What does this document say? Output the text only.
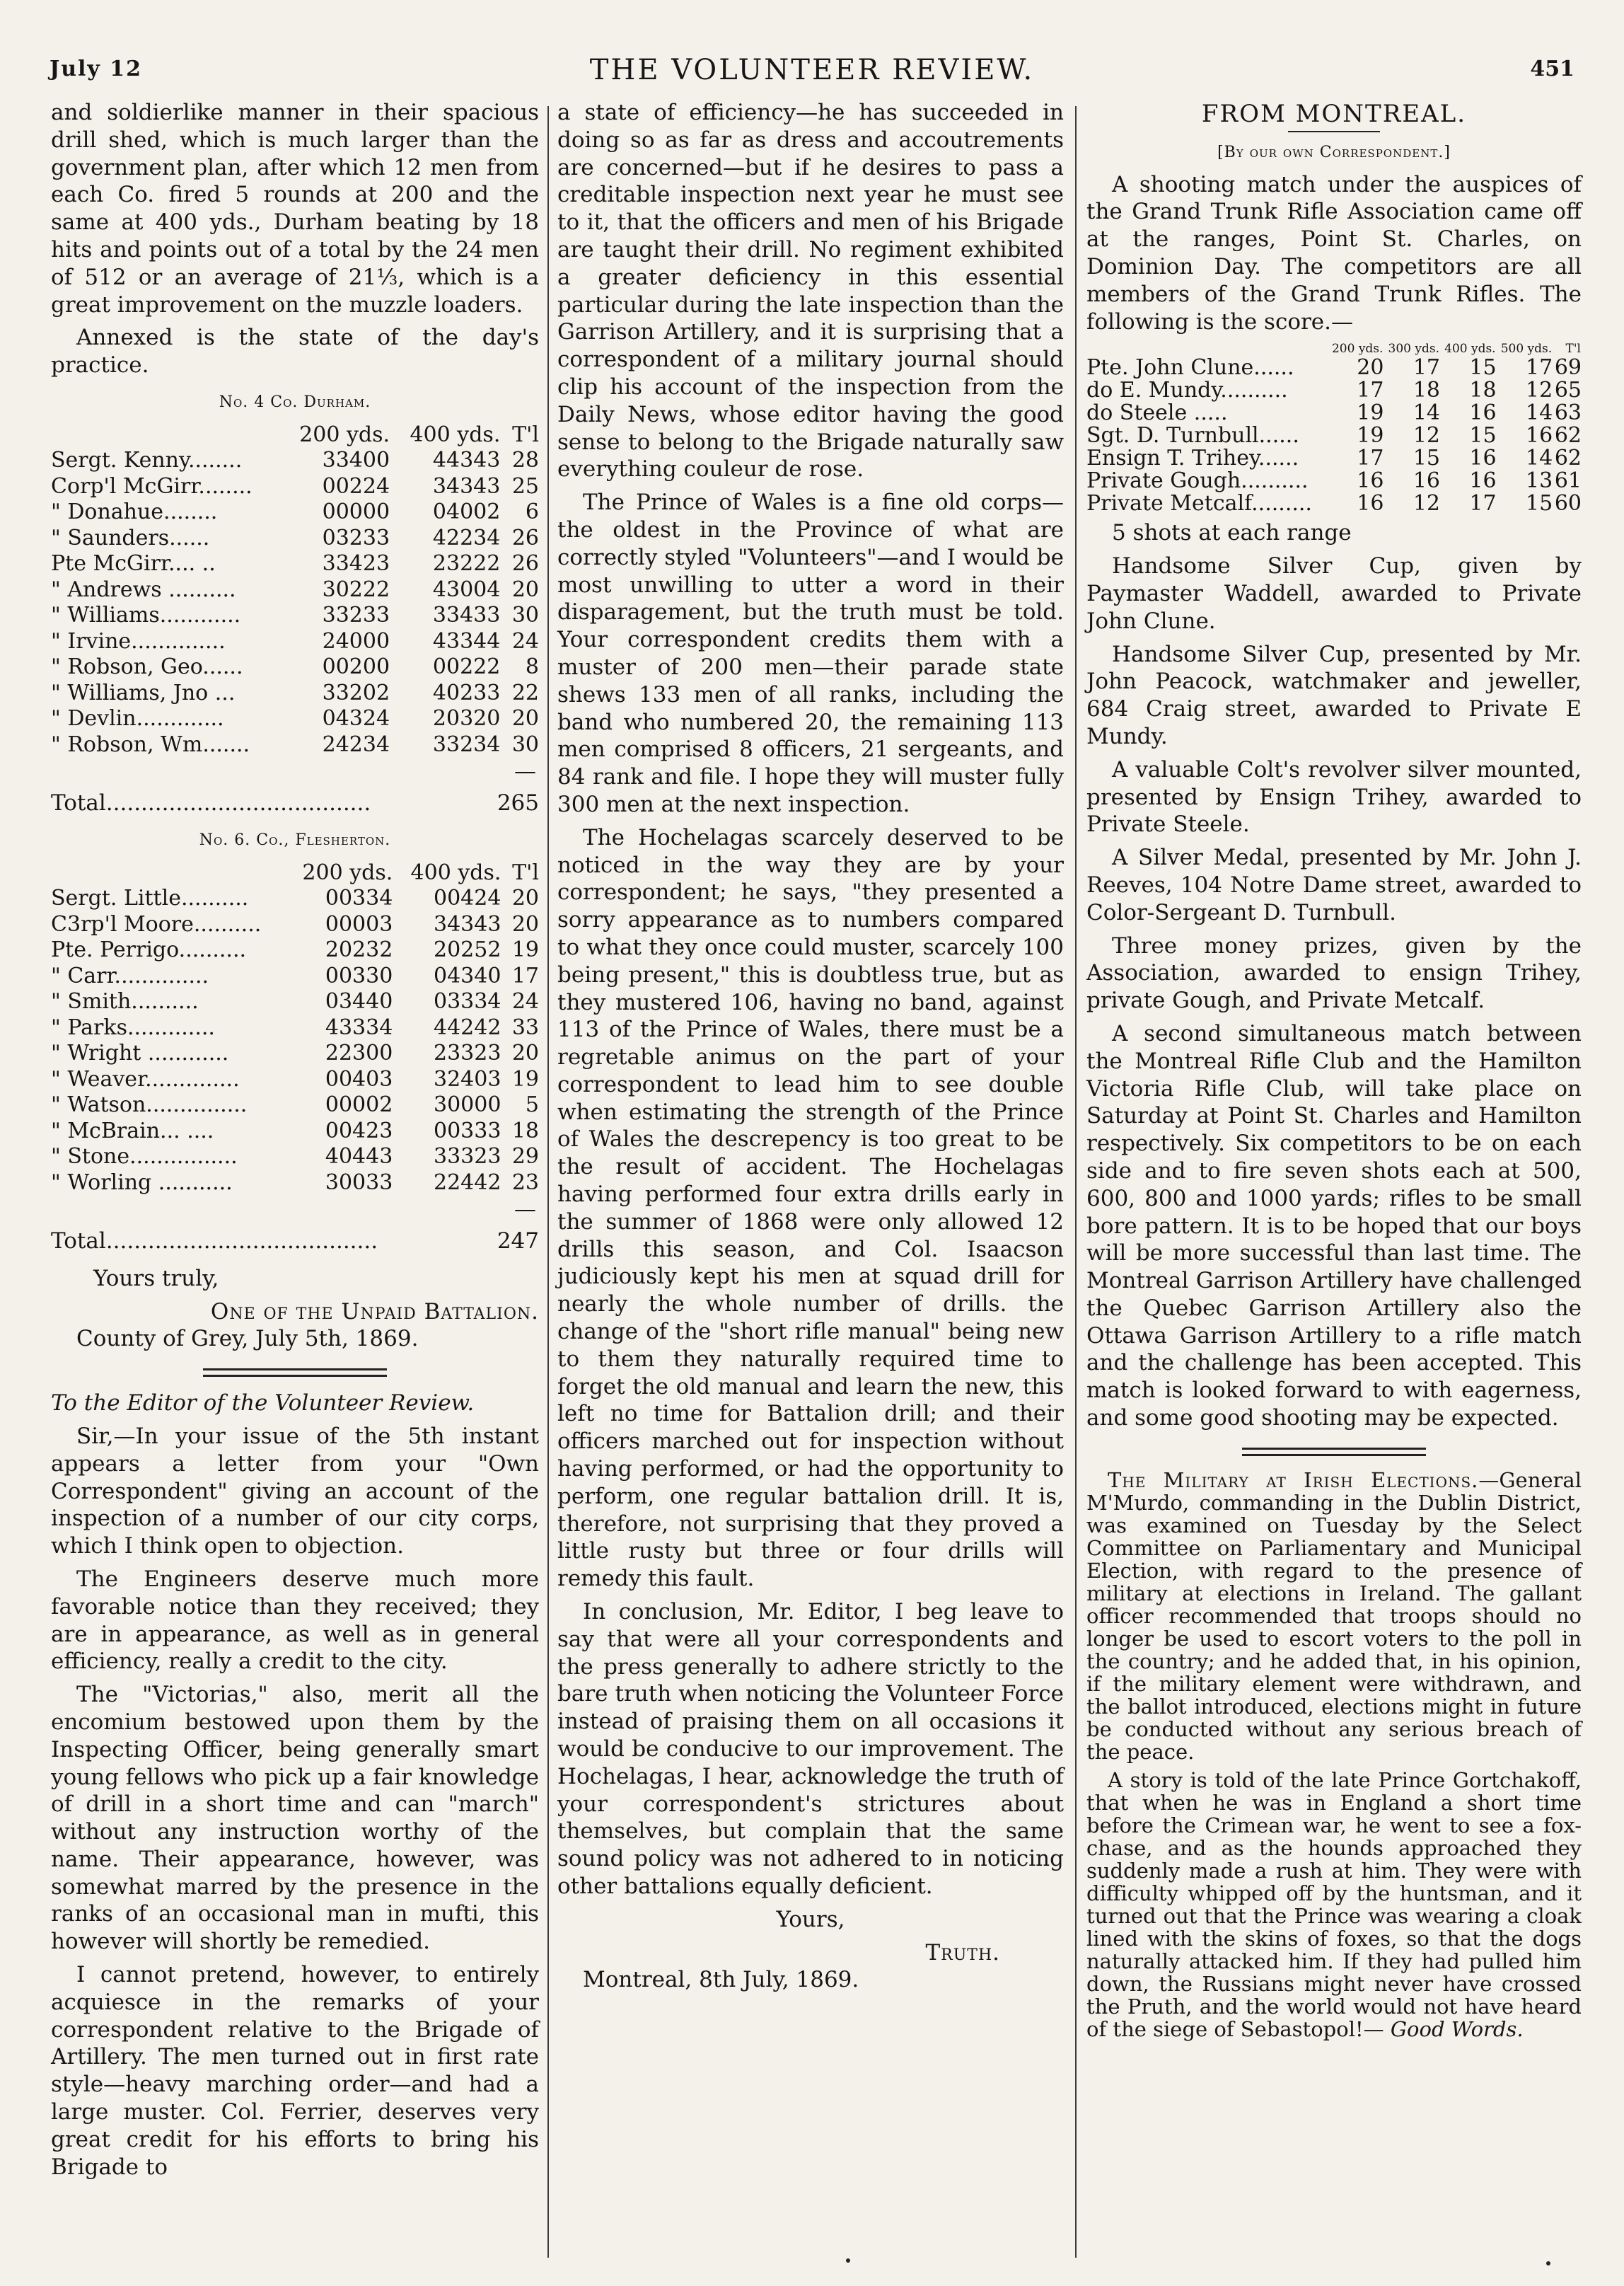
July 12	THE VOLUNTEER REVIEW.	451

and soldierlike manner in their spacious drill shed, which is much larger than the government plan, after which 12 men from each Co. fired 5 rounds at 200 and the same at 400 yds., Durham beating by 18 hits and points out of a total by the 24 men of 512 or an average of 21⅓, which is a great improvement on the muzzle loaders.

Annexed is the state of the day's practice.

No. 4 Co. Durham.
	200 yds.	400 yds.	T'l
Sergt. Kenny........	33400	44343	28
Corp'l McGirr........	00224	34343	25
" Donahue........	00000	04002	6
" Saunders......	03233	42234	26
Pte McGirr.... ..	33423	23222	26
" Andrews ..........	30222	43004	20
" Williams............	33233	33433	30
" Irvine..............	24000	43344	24
" Robson, Geo......	00200	00222	8
" Williams, Jno ...	33202	40233	22
" Devlin.............	04324	20320	20
" Robson, Wm.......	24234	33234	30
—
Total......................................	265
No. 6. Co., Flesherton.
	200 yds.	400 yds.	T'l
Sergt. Little..........	00334	00424	20
C3rp'l Moore..........	00003	34343	20
Pte. Perrigo..........	20232	20252	19
" Carr..............	00330	04340	17
" Smith..........	03440	03334	24
" Parks.............	43334	44242	33
" Wright ............	22300	23323	20
" Weaver..............	00403	32403	19
" Watson...............	00002	30000	5
" McBrain... ....	00423	00333	18
" Stone................	40443	33323	29
" Worling ...........	30033	22442	23
—
Total.......................................	247

Yours truly,

One of the Unpaid Battalion.

County of Grey, July 5th, 1869.

To the Editor of the Volunteer Review.

Sir,—In your issue of the 5th instant appears a letter from your "Own Correspondent" giving an account of the inspection of a number of our city corps, which I think open to objection.

The Engineers deserve much more favorable notice than they received; they are in appearance, as well as in general efficiency, really a credit to the city.

The "Victorias," also, merit all the encomium bestowed upon them by the Inspecting Officer, being generally smart young fellows who pick up a fair knowledge of drill in a short time and can "march" without any instruction worthy of the name. Their appearance, however, was somewhat marred by the presence in the ranks of an occasional man in mufti, this however will shortly be remedied.

I cannot pretend, however, to entirely acquiesce in the remarks of your correspondent relative to the Brigade of Artillery. The men turned out in first rate style—heavy marching order—and had a large muster. Col. Ferrier, deserves very great credit for his efforts to bring his Brigade to

a state of efficiency—he has succeeded in doing so as far as dress and accoutrements are concerned—but if he desires to pass a creditable inspection next year he must see to it, that the officers and men of his Brigade are taught their drill. No regiment exhibited a greater deficiency in this essential particular during the late inspection than the Garrison Artillery, and it is surprising that a correspondent of a military journal should clip his account of the inspection from the Daily News, whose editor having the good sense to belong to the Brigade naturally saw everything couleur de rose.

The Prince of Wales is a fine old corps—the oldest in the Province of what are correctly styled "Volunteers"—and I would be most unwilling to utter a word in their disparagement, but the truth must be told. Your correspondent credits them with a muster of 200 men—their parade state shews 133 men of all ranks, including the band who numbered 20, the remaining 113 men comprised 8 officers, 21 sergeants, and 84 rank and file. I hope they will muster fully 300 men at the next inspection.

The Hochelagas scarcely deserved to be noticed in the way they are by your correspondent; he says, "they presented a sorry appearance as to numbers compared to what they once could muster, scarcely 100 being present," this is doubtless true, but as they mustered 106, having no band, against 113 of the Prince of Wales, there must be a regretable animus on the part of your correspondent to lead him to see double when estimating the strength of the Prince of Wales the descrepency is too great to be the result of accident. The Hochelagas having performed four extra drills early in the summer of 1868 were only allowed 12 drills this season, and Col. Isaacson judiciously kept his men at squad drill for nearly the whole number of drills. the change of the "short rifle manual" being new to them they naturally required time to forget the old manual and learn the new, this left no time for Battalion drill; and their officers marched out for inspection without having performed, or had the opportunity to perform, one regular battalion drill. It is, therefore, not surprising that they proved a little rusty but three or four drills will remedy this fault.

In conclusion, Mr. Editor, I beg leave to say that were all your correspondents and the press generally to adhere strictly to the bare truth when noticing the Volunteer Force instead of praising them on all occasions it would be conducive to our improvement. The Hochelagas, I hear, acknowledge the truth of your correspondent's strictures about themselves, but complain that the same sound policy was not adhered to in noticing other battalions equally deficient.

Yours,

Truth.

Montreal, 8th July, 1869.

FROM MONTREAL.
[By our own Correspondent.]

A shooting match under the auspices of the Grand Trunk Rifle Association came off at the ranges, Point St. Charles, on Dominion Day. The competitors are all members of the Grand Trunk Rifles. The following is the score.—

	200 yds.	300 yds.	400 yds.	500 yds.	T'l
Pte. John Clune......	20	17	15	17	69
do E. Mundy..........	17	18	18	12	65
do Steele .....	19	14	16	14	63
Sgt. D. Turnbull......	19	12	15	16	62
Ensign T. Trihey......	17	15	16	14	62
Private Gough..........	16	16	16	13	61
Private Metcalf.........	16	12	17	15	60

5 shots at each range

Handsome Silver Cup, given by Paymaster Waddell, awarded to Private John Clune.

Handsome Silver Cup, presented by Mr. John Peacock, watchmaker and jeweller, 684 Craig street, awarded to Private E Mundy.

A valuable Colt's revolver silver mounted, presented by Ensign Trihey, awarded to Private Steele.

A Silver Medal, presented by Mr. John J. Reeves, 104 Notre Dame street, awarded to Color-Sergeant D. Turnbull.

Three money prizes, given by the Association, awarded to ensign Trihey, private Gough, and Private Metcalf.

A second simultaneous match between the Montreal Rifle Club and the Hamilton Victoria Rifle Club, will take place on Saturday at Point St. Charles and Hamilton respectively. Six competitors to be on each side and to fire seven shots each at 500, 600, 800 and 1000 yards; rifles to be small bore pattern. It is to be hoped that our boys will be more successful than last time. The Montreal Garrison Artillery have challenged the Quebec Garrison Artillery also the Ottawa Garrison Artillery to a rifle match and the challenge has been accepted. This match is looked forward to with eagerness, and some good shooting may be expected.

The Military at Irish Elections.—General M'Murdo, commanding in the Dublin District, was examined on Tuesday by the Select Committee on Parliamentary and Municipal Election, with regard to the presence of military at elections in Ireland. The gallant officer recommended that troops should no longer be used to escort voters to the poll in the country; and he added that, in his opinion, if the military element were withdrawn, and the ballot introduced, elections might in future be conducted without any serious breach of the peace.

A story is told of the late Prince Gortchakoff, that when he was in England a short time before the Crimean war, he went to see a fox-chase, and as the hounds approached they suddenly made a rush at him. They were with difficulty whipped off by the huntsman, and it turned out that the Prince was wearing a cloak lined with the skins of foxes, so that the dogs naturally attacked him. If they had pulled him down, the Russians might never have crossed the Pruth, and the world would not have heard of the siege of Sebastopol!— Good Words.
